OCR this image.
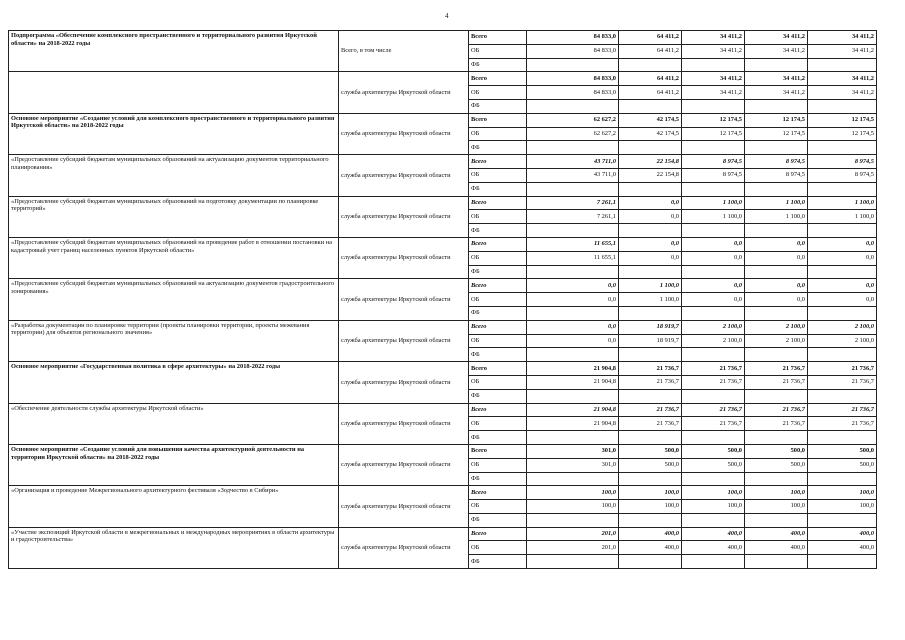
4
Подпрограмма «Обеспечение комплексного пространственного и территориального развития Иркутской области» на 2018-2022 годы	Всего, в том числе	Всего	84 833,0	64 411,2	34 411,2	34 411,2	34 411,2
		ОБ	84 833,0	64 411,2	34 411,2	34 411,2	34 411,2
		ФБ					
	служба архитектуры Иркутской области	Всего	84 833,0	64 411,2	34 411,2	34 411,2	34 411,2
		ОБ	84 833,0	64 411,2	34 411,2	34 411,2	34 411,2
		ФБ					
Основное мероприятие «Создание условий для комплексного пространственного и территориального развития Иркутской области» на 2018-2022 годы	служба архитектуры Иркутской области	Всего	62 627,2	42 174,5	12 174,5	12 174,5	12 174,5
		ОБ	62 627,2	42 174,5	12 174,5	12 174,5	12 174,5
		ФБ					
«Предоставление субсидий бюджетам муниципальных образований на актуализацию документов территориального планирования»	служба архитектуры Иркутской области	Всего	43 711,0	22 154,8	8 974,5	8 974,5	8 974,5
		ОБ	43 711,0	22 154,8	8 974,5	8 974,5	8 974,5
		ФБ					
«Предоставление субсидий бюджетам муниципальных образований на подготовку документации по планировке территорий»	служба архитектуры Иркутской области	Всего	7 261,1	0,0	1 100,0	1 100,0	1 100,0
		ОБ	7 261,1	0,0	1 100,0	1 100,0	1 100,0
		ФБ					
«Предоставление субсидий бюджетам муниципальных образований на проведение работ в отношении постановки на кадастровый учет границ населенных пунктов Иркутской области»	служба архитектуры Иркутской области	Всего	11 655,1	0,0	0,0	0,0	0,0
		ОБ	11 655,1	0,0	0,0	0,0	0,0
		ФБ					
«Предоставление субсидий бюджетам муниципальных образований на актуализацию документов градостроительного зонирования»	служба архитектуры Иркутской области	Всего	0,0	1 100,0	0,0	0,0	0,0
		ОБ	0,0	1 100,0	0,0	0,0	0,0
		ФБ					
«Разработка документации по планировке территории (проекты планировки территории, проекты межевания территории) для объектов регионального значения»	служба архитектуры Иркутской области	Всего	0,0	18 919,7	2 100,0	2 100,0	2 100,0
		ОБ	0,0	18 919,7	2 100,0	2 100,0	2 100,0
		ФБ					
Основное мероприятие «Государственная политика в сфере архитектуры» на 2018-2022 годы	служба архитектуры Иркутской области	Всего	21 904,8	21 736,7	21 736,7	21 736,7	21 736,7
		ОБ	21 904,8	21 736,7	21 736,7	21 736,7	21 736,7
		ФБ					
«Обеспечение деятельности службы архитектуры Иркутской области»	служба архитектуры Иркутской области	Всего	21 904,8	21 736,7	21 736,7	21 736,7	21 736,7
		ОБ	21 904,8	21 736,7	21 736,7	21 736,7	21 736,7
		ФБ					
Основное мероприятие «Создание условий для повышения качества архитектурной деятельности на территории Иркутской области» на 2018-2022 годы	служба архитектуры Иркутской области	Всего	301,0	500,0	500,0	500,0	500,0
		ОБ	301,0	500,0	500,0	500,0	500,0
		ФБ					
«Организация и проведение Межрегионального архитектурного фестиваля «Зодчество в Сибири»	служба архитектуры Иркутской области	Всего	100,0	100,0	100,0	100,0	100,0
		ОБ	100,0	100,0	100,0	100,0	100,0
		ФБ					
«Участие экспозиций Иркутской области в межрегиональных и международных мероприятиях в области архитектуры и градостроительства»	служба архитектуры Иркутской области	Всего	201,0	400,0	400,0	400,0	400,0
		ОБ	201,0	400,0	400,0	400,0	400,0
		ФБ					
